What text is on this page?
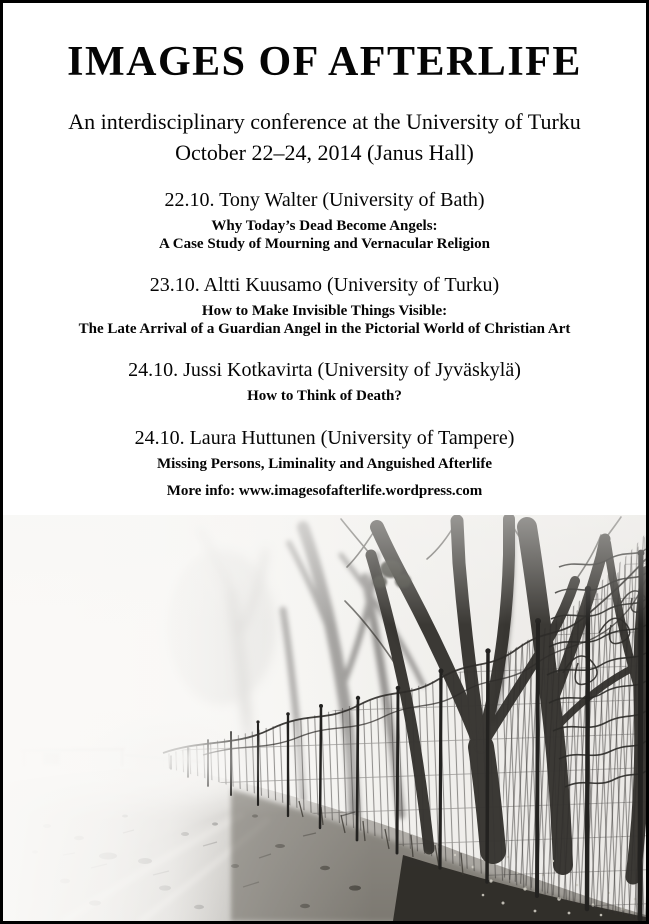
IMAGES OF AFTERLIFE
An interdisciplinary conference at the University of Turku
October 22–24, 2014 (Janus Hall)
22.10. Tony Walter (University of Bath)
Why Today’s Dead Become Angels:
A Case Study of Mourning and Vernacular Religion
23.10. Altti Kuusamo (University of Turku)
How to Make Invisible Things Visible:
The Late Arrival of a Guardian Angel in the Pictorial World of Christian Art
24.10. Jussi Kotkavirta (University of Jyväskylä)
How to Think of Death?
24.10. Laura Huttunen (University of Tampere)
Missing Persons, Liminality and Anguished Afterlife
More info: www.imagesofafterlife.wordpress.com
